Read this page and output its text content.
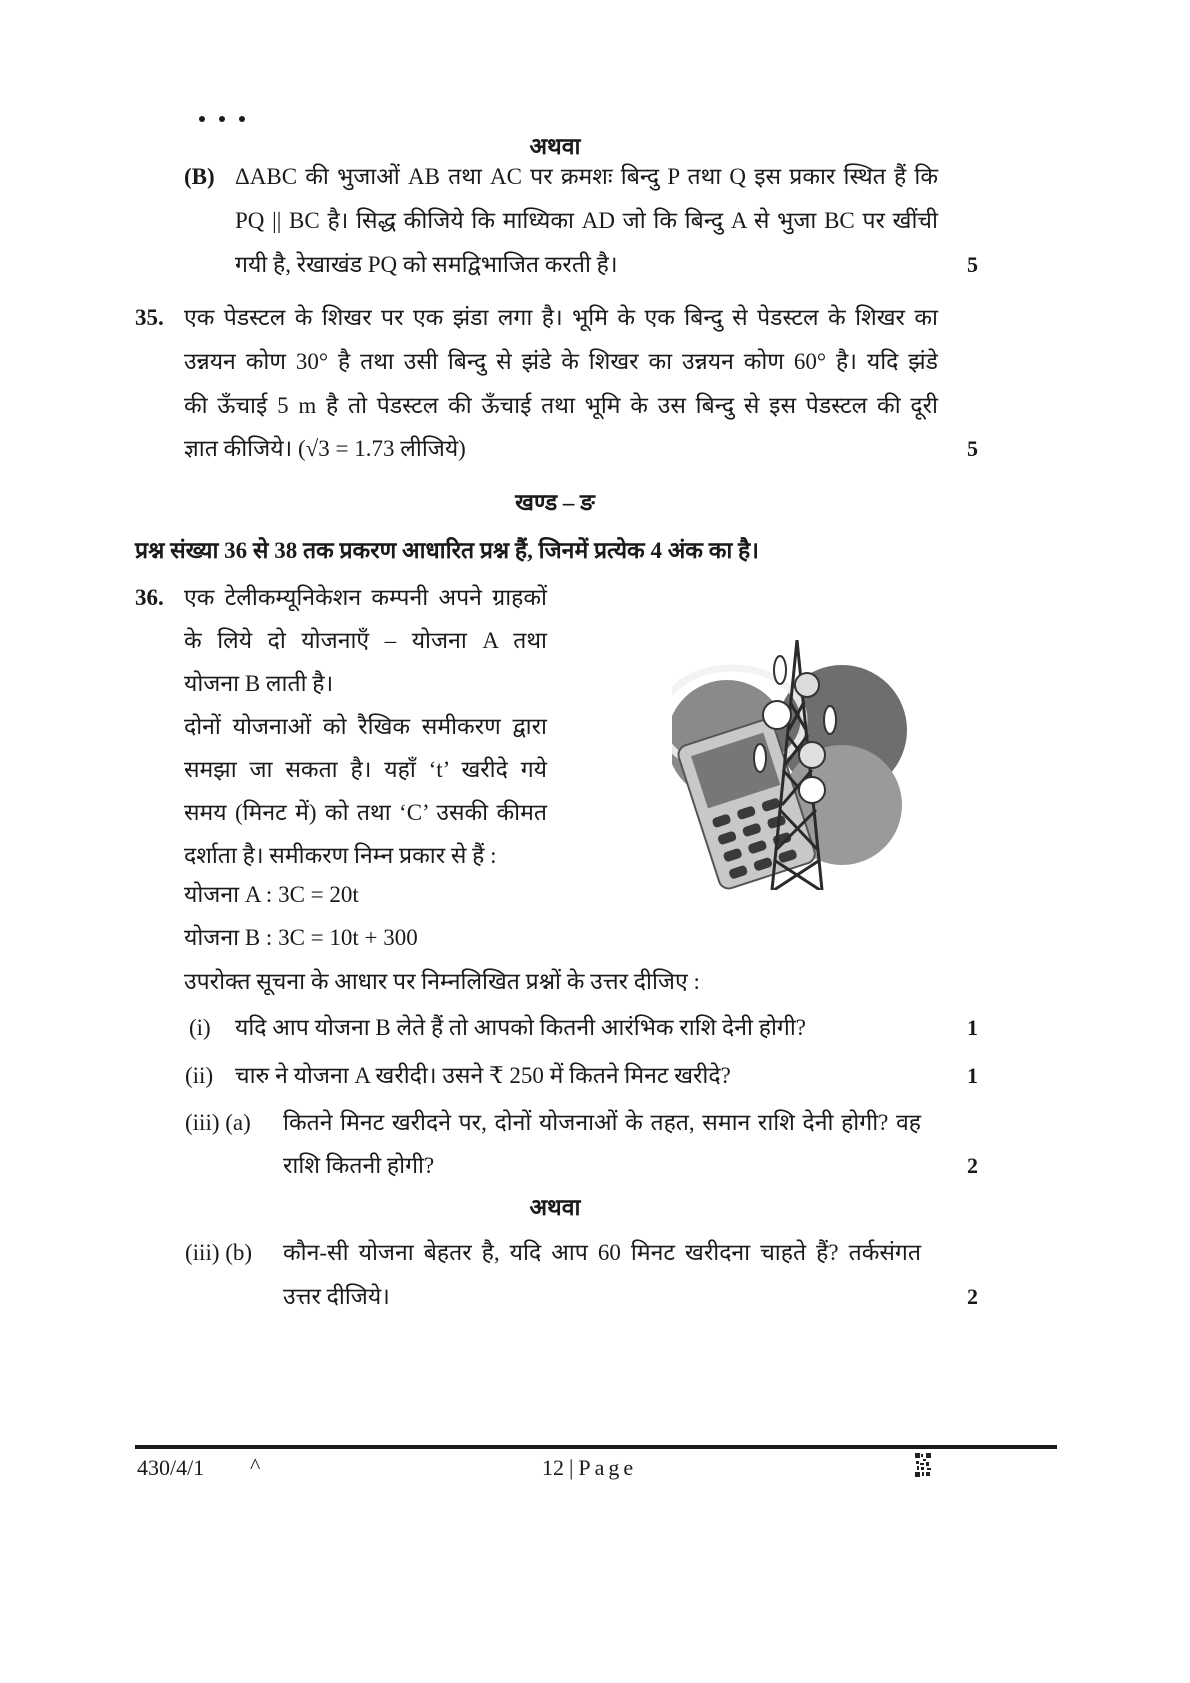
अथवा
(B) ΔABC की भुजाओं AB तथा AC पर क्रमशः बिन्दु P तथा Q इस प्रकार स्थित हैं कि
PQ || BC है। सिद्ध कीजिये कि माध्यिका AD जो कि बिन्दु A से भुजा BC पर खींची
गयी है, रेखाखंड PQ को समद्विभाजित करती है।	5
35. एक पेडस्टल के शिखर पर एक झंडा लगा है। भूमि के एक बिन्दु से पेडस्टल के शिखर का
उन्नयन कोण 30° है तथा उसी बिन्दु से झंडे के शिखर का उन्नयन कोण 60° है। यदि झंडे
की ऊँचाई 5 m है तो पेडस्टल की ऊँचाई तथा भूमि के उस बिन्दु से इस पेडस्टल की दूरी
ज्ञात कीजिये। (√3 = 1.73 लीजिये)	5
खण्ड – ङ
प्रश्न संख्या 36 से 38 तक प्रकरण आधारित प्रश्न हैं, जिनमें प्रत्येक 4 अंक का है।
36. एक टेलीकम्यूनिकेशन कम्पनी अपने ग्राहकों
के लिये दो योजनाएँ – योजना A तथा
योजना B लाती है।
दोनों योजनाओं को रैखिक समीकरण द्वारा
समझा जा सकता है। यहाँ ‘t’ खरीदे गये
समय (मिनट में) को तथा ‘C’ उसकी कीमत
दर्शाता है। समीकरण निम्न प्रकार से हैं :
योजना A : 3C = 20t
योजना B : 3C = 10t + 300
उपरोक्त सूचना के आधार पर निम्नलिखित प्रश्नों के उत्तर दीजिए :
(i) यदि आप योजना B लेते हैं तो आपको कितनी आरंभिक राशि देनी होगी?	1
(ii) चारु ने योजना A खरीदी। उसने ₹ 250 में कितने मिनट खरीदे?	1
(iii) (a) कितने मिनट खरीदने पर, दोनों योजनाओं के तहत, समान राशि देनी होगी? वह
राशि कितनी होगी?	2
अथवा
(iii) (b) कौन-सी योजना बेहतर है, यदि आप 60 मिनट खरीदना चाहते हैं? तर्कसंगत
उत्तर दीजिये।	2
430/4/1 ^	12 | Page
